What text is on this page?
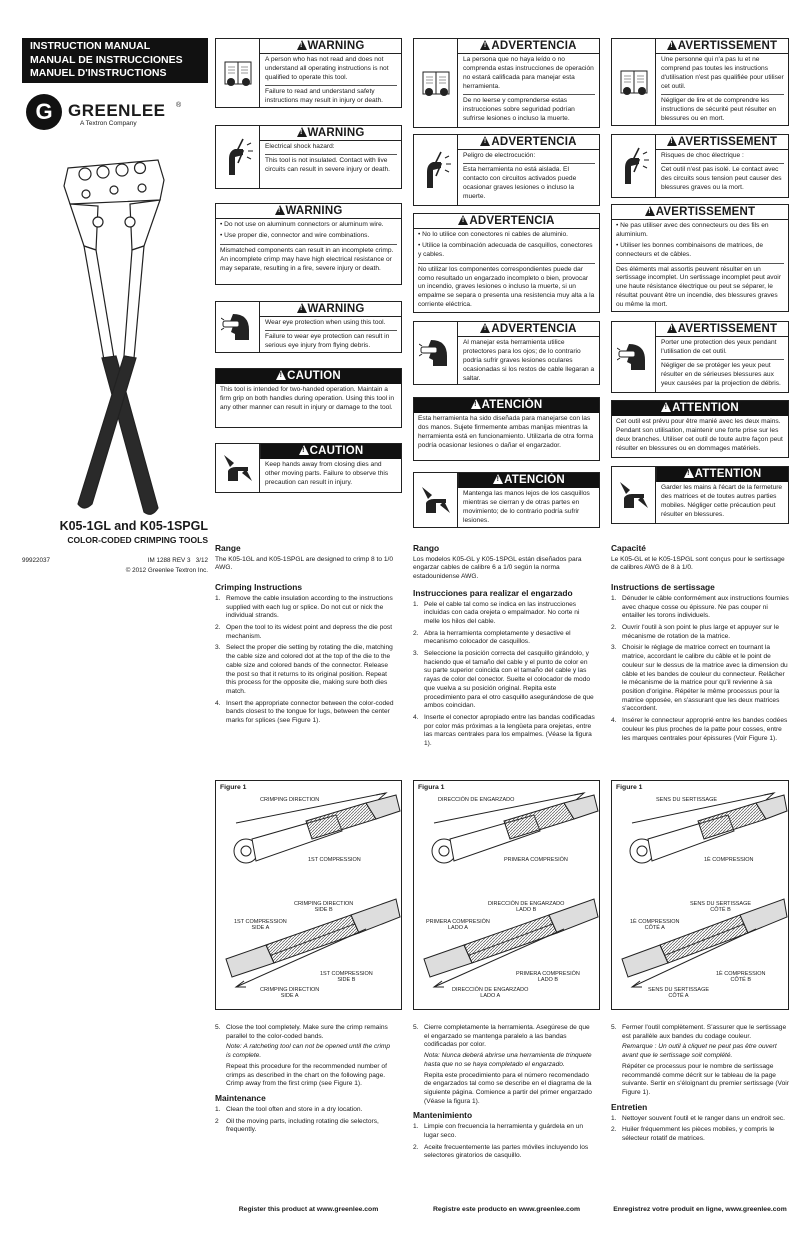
INSTRUCTION MANUAL
MANUAL DE INSTRUCCIONES
MANUEL D'INSTRUCTIONS
G GREENLEE ®
A Textron Company
K05-1GL and K05-1SPGL
COLOR-CODED CRIMPING TOOLS
99922037	IM 1288 REV 3   3/12
© 2012 Greenlee Textron Inc.
!WARNING

A person who has not read and does not understand all operating instructions is not qualified to operate this tool.

Failure to read and understand safety instructions may result in injury or death.

!WARNING

Electrical shock hazard:

This tool is not insulated. Contact with live circuits can result in severe injury or death.

!WARNING

• Do not use on aluminum connectors or aluminum wire.

• Use proper die, connector and wire combinations.

Mismatched components can result in an incomplete crimp. An incomplete crimp may have high electrical resistance or may separate, resulting in a fire, severe injury or death.

!WARNING

Wear eye protection when using this tool.

Failure to wear eye protection can result in serious eye injury from flying debris.

!CAUTION

This tool is intended for two-handed operation. Maintain a firm grip on both handles during operation. Using this tool in any other manner can result in injury or damage to the tool.

!CAUTION

Keep hands away from closing dies and other moving parts. Failure to observe this precaution can result in injury.

Range

The K05-1GL and K05-1SPGL are designed to crimp 8 to 1/0 AWG.

Crimping Instructions
1. Remove the cable insulation according to the instructions supplied with each lug or splice. Do not cut or nick the individual strands.
2. Open the tool to its widest point and depress the die post mechanism.
3. Select the proper die setting by rotating the die, matching the cable size and colored dot at the top of the die to the cable size and colored bands of the connector. Release the post so that it returns to its original position. Repeat this process for the opposite die, making sure both dies match.
4. Insert the appropriate connector between the color-coded bands closest to the tongue for lugs, between the center marks for splices (see Figure 1).
5. Close the tool completely. Make sure the crimp remains parallel to the color-coded bands.
Note: A ratcheting tool can not be opened until the crimp is complete.
Repeat this procedure for the recommended number of crimps as described in the chart on the following page. Crimp away from the first crimp (see Figure 1).
Maintenance
1. Clean the tool often and store in a dry location.
2 Oil the moving parts, including rotating die selectors, frequently.
!ADVERTENCIA

La persona que no haya leído o no comprenda estas instrucciones de operación no estará calificada para manejar esta herramienta.

De no leerse y comprenderse estas instrucciones sobre seguridad podrían sufrirse lesiones o incluso la muerte.

!ADVERTENCIA

Peligro de electrocución:

Esta herramienta no está aislada. El contacto con circuitos activados puede ocasionar graves lesiones o incluso la muerte.

!ADVERTENCIA

• No lo utilice con conectores ni cables de aluminio.

• Utilice la combinación adecuada de casquillos, conectores y cables.

No utilizar los componentes correspondientes puede dar como resultado un engarzado incompleto o bien, provocar un incendio, graves lesiones o incluso la muerte, si un empalme se separa o presenta una resistencia muy alta a la corriente eléctrica.

!ADVERTENCIA

Al manejar esta herramienta utilice protectores para los ojos; de lo contrario podría sufrir graves lesiones oculares ocasionadas si los restos de cable llegaran a saltar.

!ATENCIÓN

Esta herramienta ha sido diseñada para manejarse con las dos manos. Sujete firmemente ambas manijas mientras la herramienta está en funcionamiento. Utilizarla de otra forma podría ocasionar lesiones o dañar el engarzador.

!ATENCIÓN

Mantenga las manos lejos de los casquillos mientras se cierran y de otras partes en movimiento; de lo contrario podría sufrir lesiones.

Rango

Los modelos K05-GL y K05-1SPGL están diseñados para engarzar cables de calibre 6 a 1/0 según la norma estadounidense AWG.

Instrucciones para realizar el engarzado
1. Pele el cable tal como se indica en las instrucciones incluidas con cada orejeta o empalmador. No corte ni melle los hilos del cable.
2. Abra la herramienta completamente y desactive el mecanismo colocador de casquillos.
3. Seleccione la posición correcta del casquillo girándolo, y haciendo que el tamaño del cable y el punto de color en su parte superior coincida con el tamaño del cable y las rayas de color del conector. Suelte el colocador de modo que vuelva a su posición original. Repita este procedimiento para el otro casquillo asegurándose de que ambos coincidan.
4. Inserte el conector apropiado entre las bandas codificadas por color más próximas a la lengüeta para orejetas, entre las marcas centrales para los empalmes. (Véase la figura 1).
5. Cierre completamente la herramienta. Asegúrese de que el engarzado se mantenga paralelo a las bandas codificadas por color.
Nota: Nunca deberá abrirse una herramienta de trinquete hasta que no se haya completado el engarzado.
Repita este procedimiento para el número recomendado de engarzados tal como se describe en el diagrama de la siguiente página. Comience a partir del primer engarzado (Véase la figura 1).
Mantenimiento
1. Limpie con frecuencia la herramienta y guárdela en un lugar seco.
2. Aceite frecuentemente las partes móviles incluyendo los selectores giratorios de casquillo.
!AVERTISSEMENT

Une personne qui n'a pas lu et ne comprend pas toutes les instructions d'utilisation n'est pas qualifiée pour utiliser cet outil.

Négliger de lire et de comprendre les instructions de sécurité peut résulter en blessures ou en mort.

!AVERTISSEMENT

Risques de choc électrique :

Cet outil n'est pas isolé. Le contact avec des circuits sous tension peut causer des blessures graves ou la mort.

!AVERTISSEMENT

• Ne pas utiliser avec des connecteurs ou des fils en aluminium.

• Utiliser les bonnes combinaisons de matrices, de connecteurs et de câbles.

Des éléments mal assortis peuvent résulter en un sertissage incomplet. Un sertissage incomplet peut avoir une haute résistance électrique ou peut se séparer, le résultat pouvant être un incendie, des blessures graves ou même la mort.

!AVERTISSEMENT

Porter une protection des yeux pendant l'utilisation de cet outil.

Négliger de se protéger les yeux peut résulter en de sérieuses blessures aux yeux causées par la projection de débris.

!ATTENTION

Cet outil est prévu pour être manié avec les deux mains. Pendant son utilisation, maintenir une forte prise sur les deux branches. Utiliser cet outil de toute autre façon peut résulter en blessures ou en dommages matériels.

!ATTENTION

Garder les mains à l'écart de la fermeture des matrices et de toutes autres parties mobiles. Négliger cette précaution peut résulter en blessures.

Capacité

Le K05-GL et le K05-1SPGL sont conçus pour le sertissage de calibres AWG de 8 à 1/0.

Instructions de sertissage
1. Dénuder le câble conformément aux instructions fournies avec chaque cosse ou épissure. Ne pas couper ni entailler les torons individuels.
2. Ouvrir l'outil à son point le plus large et appuyer sur le mécanisme de rotation de la matrice.
3. Choisir le réglage de matrice correct en tournant la matrice, accordant le calibre du câble et le point de couleur sur le dessus de la matrice avec la dimension du câble et les bandes de couleur du connecteur. Relâcher le mécanisme de la matrice pour qu'il revienne à sa position d'origine. Répéter le même processus pour la matrice opposée, en s'assurant que les deux matrices s'accordent.
4. Insérer le connecteur approprié entre les bandes codées couleur les plus proches de la patte pour cosses, entre les marques centrales pour épissures (Voir Figure 1).
5. Fermer l'outil complètement. S'assurer que le sertissage est parallèle aux bandes du codage couleur.
Remarque : Un outil à cliquet ne peut pas être ouvert avant que le sertissage soit complété.
Répéter ce processus pour le nombre de sertissage recommandé comme décrit sur le tableau de la page suivante. Sertir en s'éloignant du premier sertissage (Voir Figure 1).
Entretien
1. Nettoyer souvent l'outil et le ranger dans un endroit sec.
2. Huiler fréquemment les pièces mobiles, y compris le sélecteur rotatif de matrices.
Figure 1
CRIMPING DIRECTION
1ST COMPRESSION
CRIMPING DIRECTION
SIDE B
1ST COMPRESSION
SIDE A
1ST COMPRESSION
SIDE B
CRIMPING DIRECTION
SIDE A
Figura 1
DIRECCIÓN DE ENGARZADO
PRIMERA COMPRESIÓN
DIRECCIÓN DE ENGARZADO
LADO B
PRIMERA COMPRESIÓN
LADO A
PRIMERA COMPRESIÓN
LADO B
DIRECCIÓN DE ENGARZADO
LADO A
Figure 1
SENS DU SERTISSAGE
1È COMPRESSION
SENS DU SERTISSAGE
CÔTÉ B
1È COMPRESSION
CÔTÉ A
1È COMPRESSION
CÔTÉ B
SENS DU SERTISSAGE
CÔTÉ A
Register this product at www.greenlee.com	Registre este producto en www.greenlee.com	Enregistrez votre produit en ligne, www.greenlee.com
